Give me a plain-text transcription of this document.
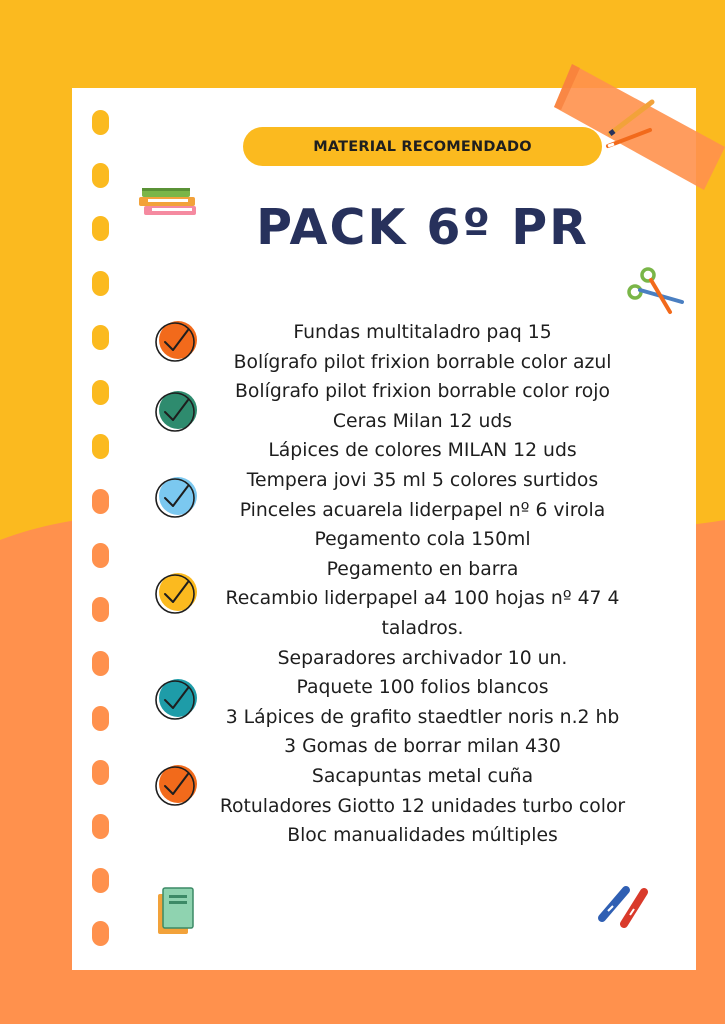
MATERIAL RECOMENDADO
PACK 6º PR
Fundas multitaladro paq 15
Bolígrafo pilot frixion borrable color azul
Bolígrafo pilot frixion borrable color rojo
Ceras Milan 12 uds
Lápices de colores MILAN 12 uds
Tempera jovi 35 ml 5 colores surtidos
Pinceles acuarela liderpapel nº 6 virola
Pegamento cola 150ml
Pegamento en barra
Recambio liderpapel a4 100 hojas nº 47 4 taladros.
Separadores archivador 10 un.
Paquete 100 folios blancos
3 Lápices de grafito staedtler noris n.2 hb
3 Gomas de borrar milan 430
Sacapuntas metal cuña
Rotuladores Giotto 12 unidades turbo color
Bloc manualidades múltiples
